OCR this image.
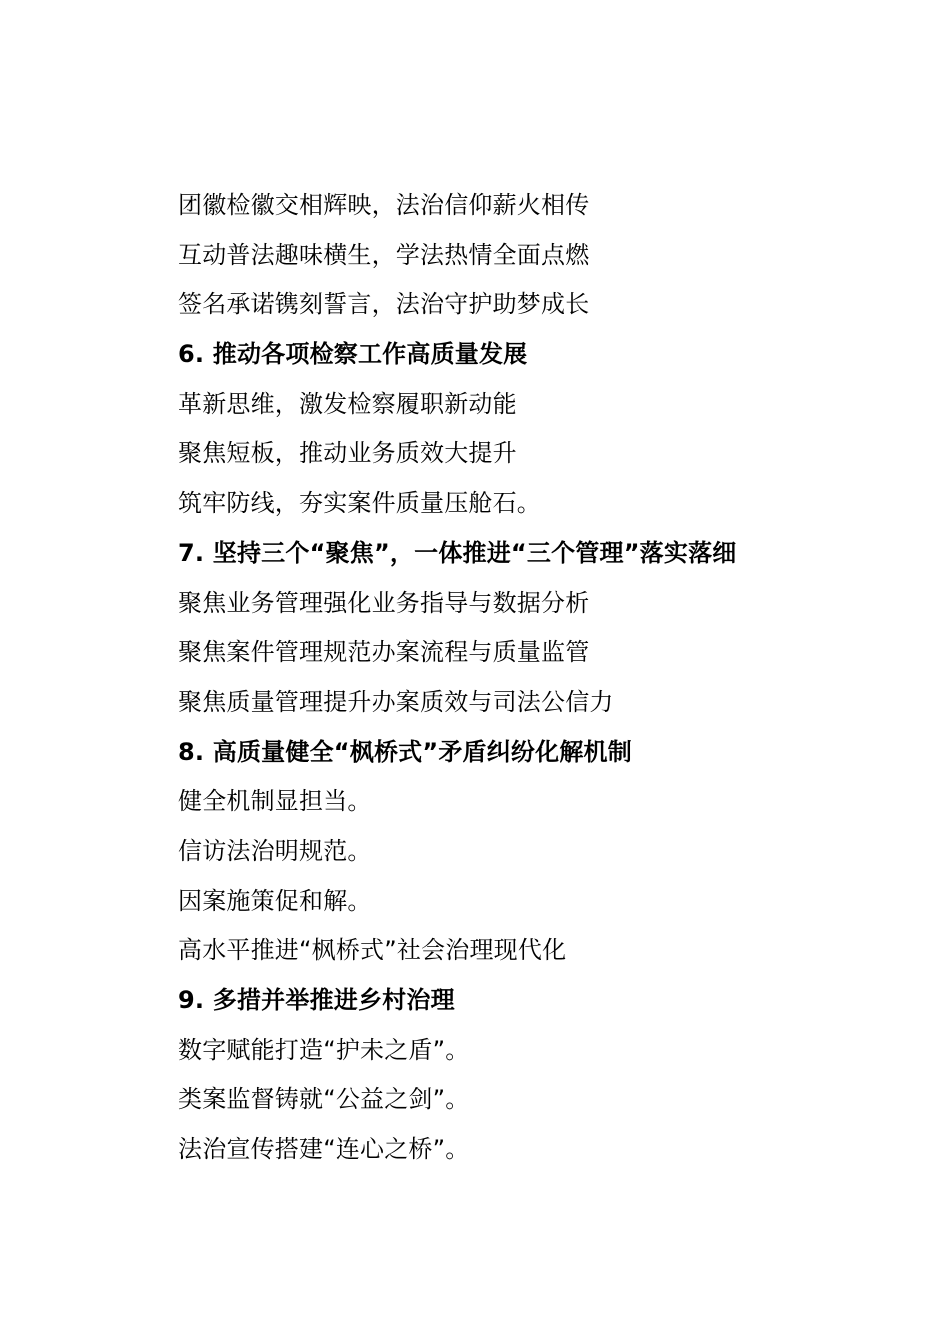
团徽检徽交相辉映，法治信仰薪火相传
互动普法趣味横生，学法热情全面点燃
签名承诺镌刻誓言，法治守护助梦成长
6. 推动各项检察工作高质量发展
革新思维，激发检察履职新动能
聚焦短板，推动业务质效大提升
筑牢防线，夯实案件质量压舱石。
7. 坚持三个“聚焦”，一体推进“三个管理”落实落细
聚焦业务管理强化业务指导与数据分析
聚焦案件管理规范办案流程与质量监管
聚焦质量管理提升办案质效与司法公信力
8. 高质量健全“枫桥式”矛盾纠纷化解机制
健全机制显担当。
信访法治明规范。
因案施策促和解。
高水平推进“枫桥式”社会治理现代化
9. 多措并举推进乡村治理
数字赋能打造“护未之盾”。
类案监督铸就“公益之剑”。
法治宣传搭建“连心之桥”。
